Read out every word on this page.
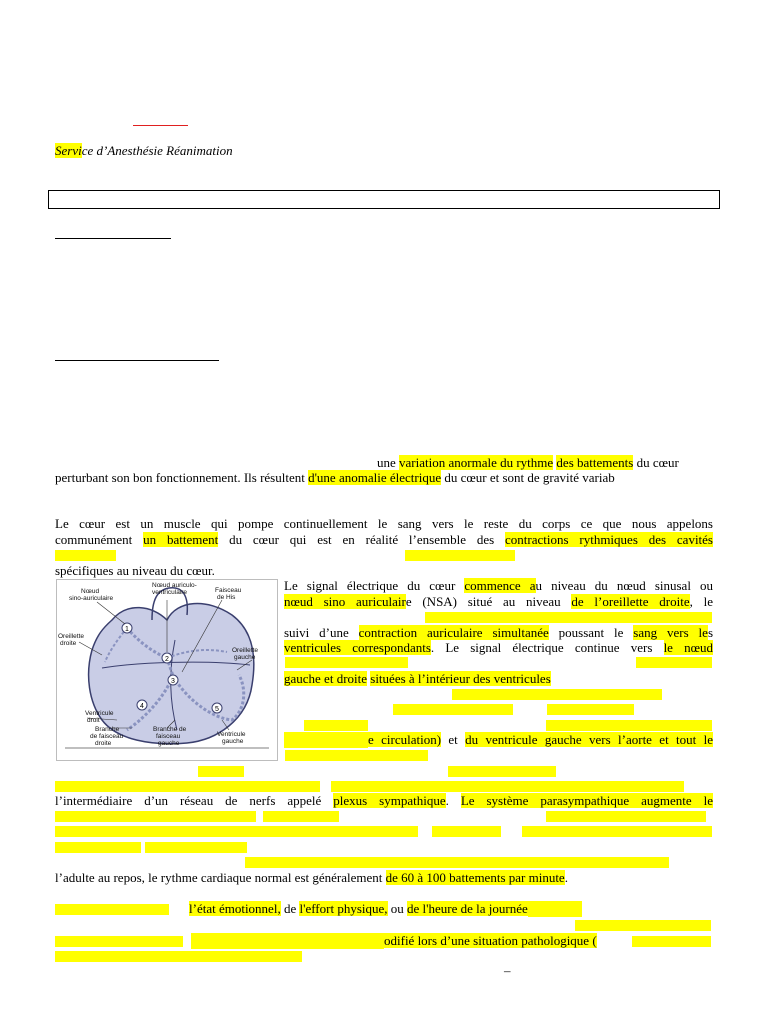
Service d’Anesthésie Réanimation
une variation anormale du rythme des battements du cœur
perturbant son bon fonctionnement. Ils résultent d'une anomalie électrique du cœur et sont de gravité variab
Le cœur est un muscle qui pompe continuellement le sang vers le reste du corps ce que nous appelons
communément un battement du cœur qui est en réalité l’ensemble des contractions rythmiques des cavités
spécifiques au niveau du cœur.
1
2
3
4	5
Nœud
sino-auriculaire
Nœud auriculo-
ventriculaire	Faisceau
de His
Oreillette
droite
Oreillette
gauche
Ventricule
droit
Branche
de faisceau
droite
Branche de
faisceau
gauche
Ventricule
gauche
Le signal électrique du cœur commence au niveau du nœud sinusal ou
nœud sino auriculaire (NSA) situé au niveau de l’oreillette droite, le
suivi d’une contraction auriculaire simultanée poussant le sang vers les
ventricules correspondants. Le signal électrique continue vers le nœud
gauche et droite situées à l’intérieur des ventricules
e circulation) et du ventricule gauche vers l’aorte et tout le
l’intermédiaire d’un réseau de nerfs appelé plexus sympathique. Le système parasympathique augmente le
l’adulte au repos, le rythme cardiaque normal est généralement de 60 à 100 battements par minute.
l’état émotionnel, de l'effort physique, ou de l'heure de la journée
odifié lors d’une situation pathologique (
–
